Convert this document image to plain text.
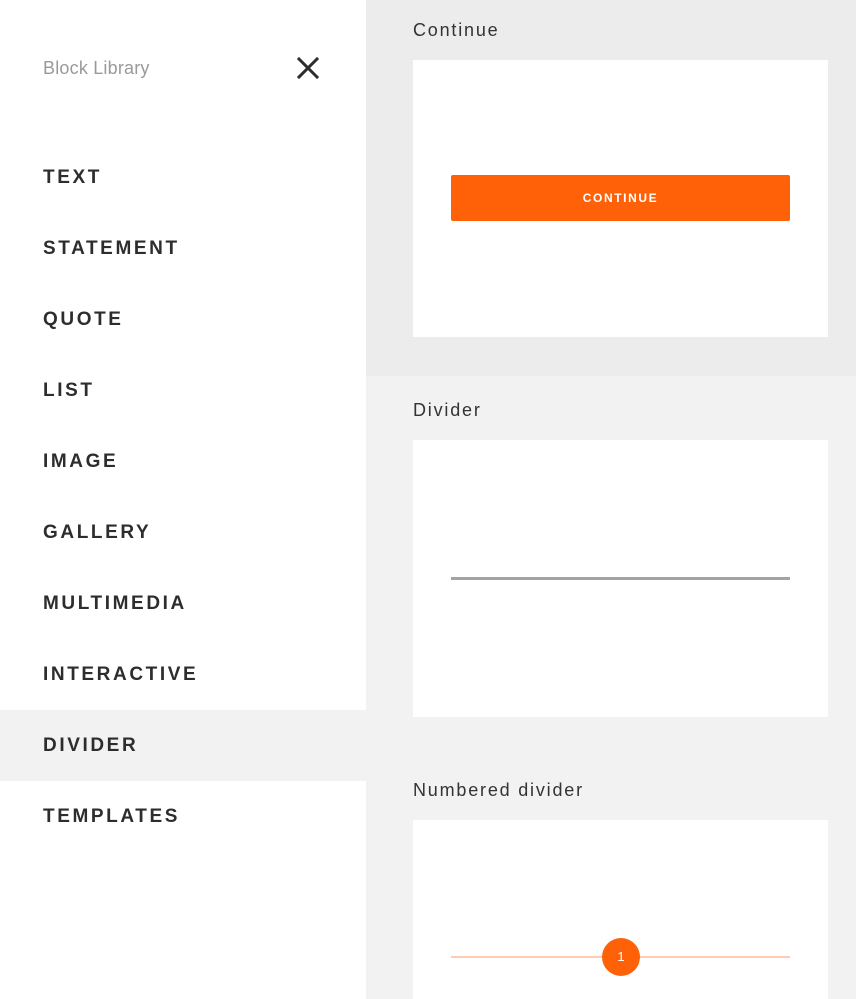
Block Library
TEXT
STATEMENT
QUOTE
LIST
IMAGE
GALLERY
MULTIMEDIA
INTERACTIVE
DIVIDER
TEMPLATES
Continue
CONTINUE
Divider
Numbered divider
1
